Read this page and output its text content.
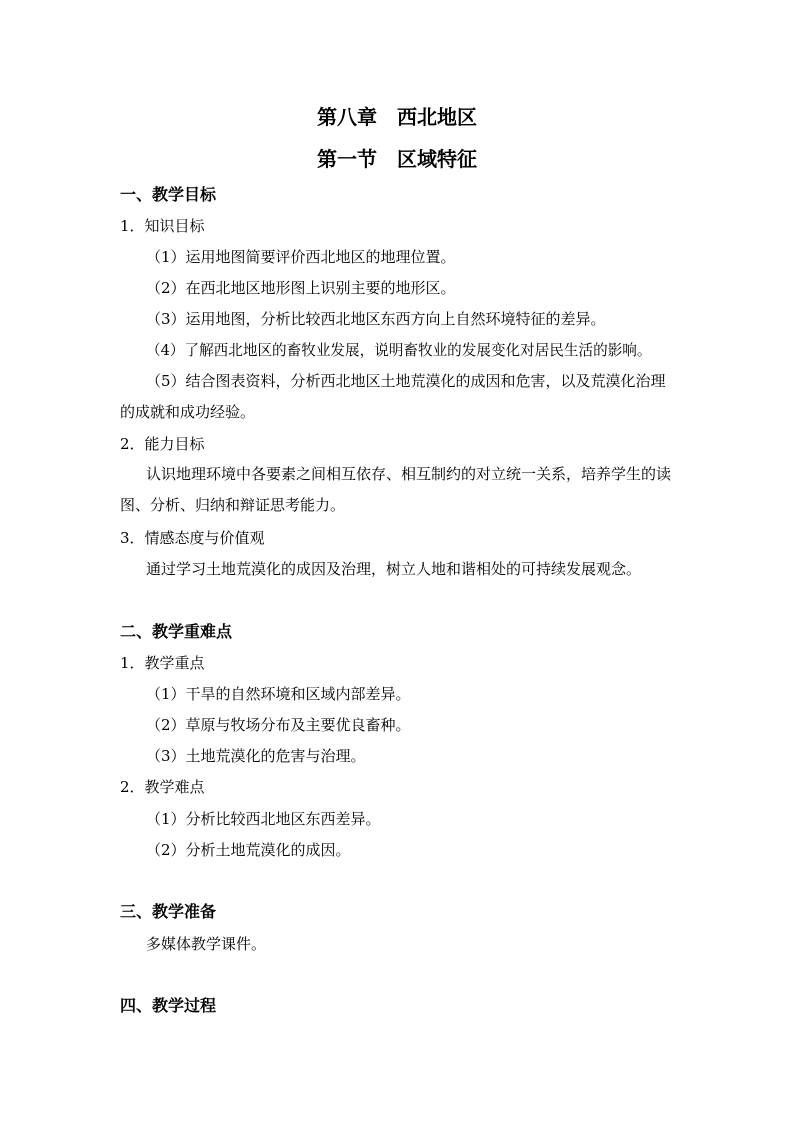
第八章　西北地区
第一节　区域特征
一、教学目标
1．知识目标
（1）运用地图简要评价西北地区的地理位置。
（2）在西北地区地形图上识别主要的地形区。
（3）运用地图，分析比较西北地区东西方向上自然环境特征的差异。
（4）了解西北地区的畜牧业发展，说明畜牧业的发展变化对居民生活的影响。
（5）结合图表资料，分析西北地区土地荒漠化的成因和危害，以及荒漠化治理的成就和成功经验。
2．能力目标
认识地理环境中各要素之间相互依存、相互制约的对立统一关系，培养学生的读图、分析、归纳和辩证思考能力。
3．情感态度与价值观
通过学习土地荒漠化的成因及治理，树立人地和谐相处的可持续发展观念。
二、教学重难点
1．教学重点
（1）干旱的自然环境和区域内部差异。
（2）草原与牧场分布及主要优良畜种。
（3）土地荒漠化的危害与治理。
2．教学难点
（1）分析比较西北地区东西差异。
（2）分析土地荒漠化的成因。
三、教学准备
多媒体教学课件。
四、教学过程
